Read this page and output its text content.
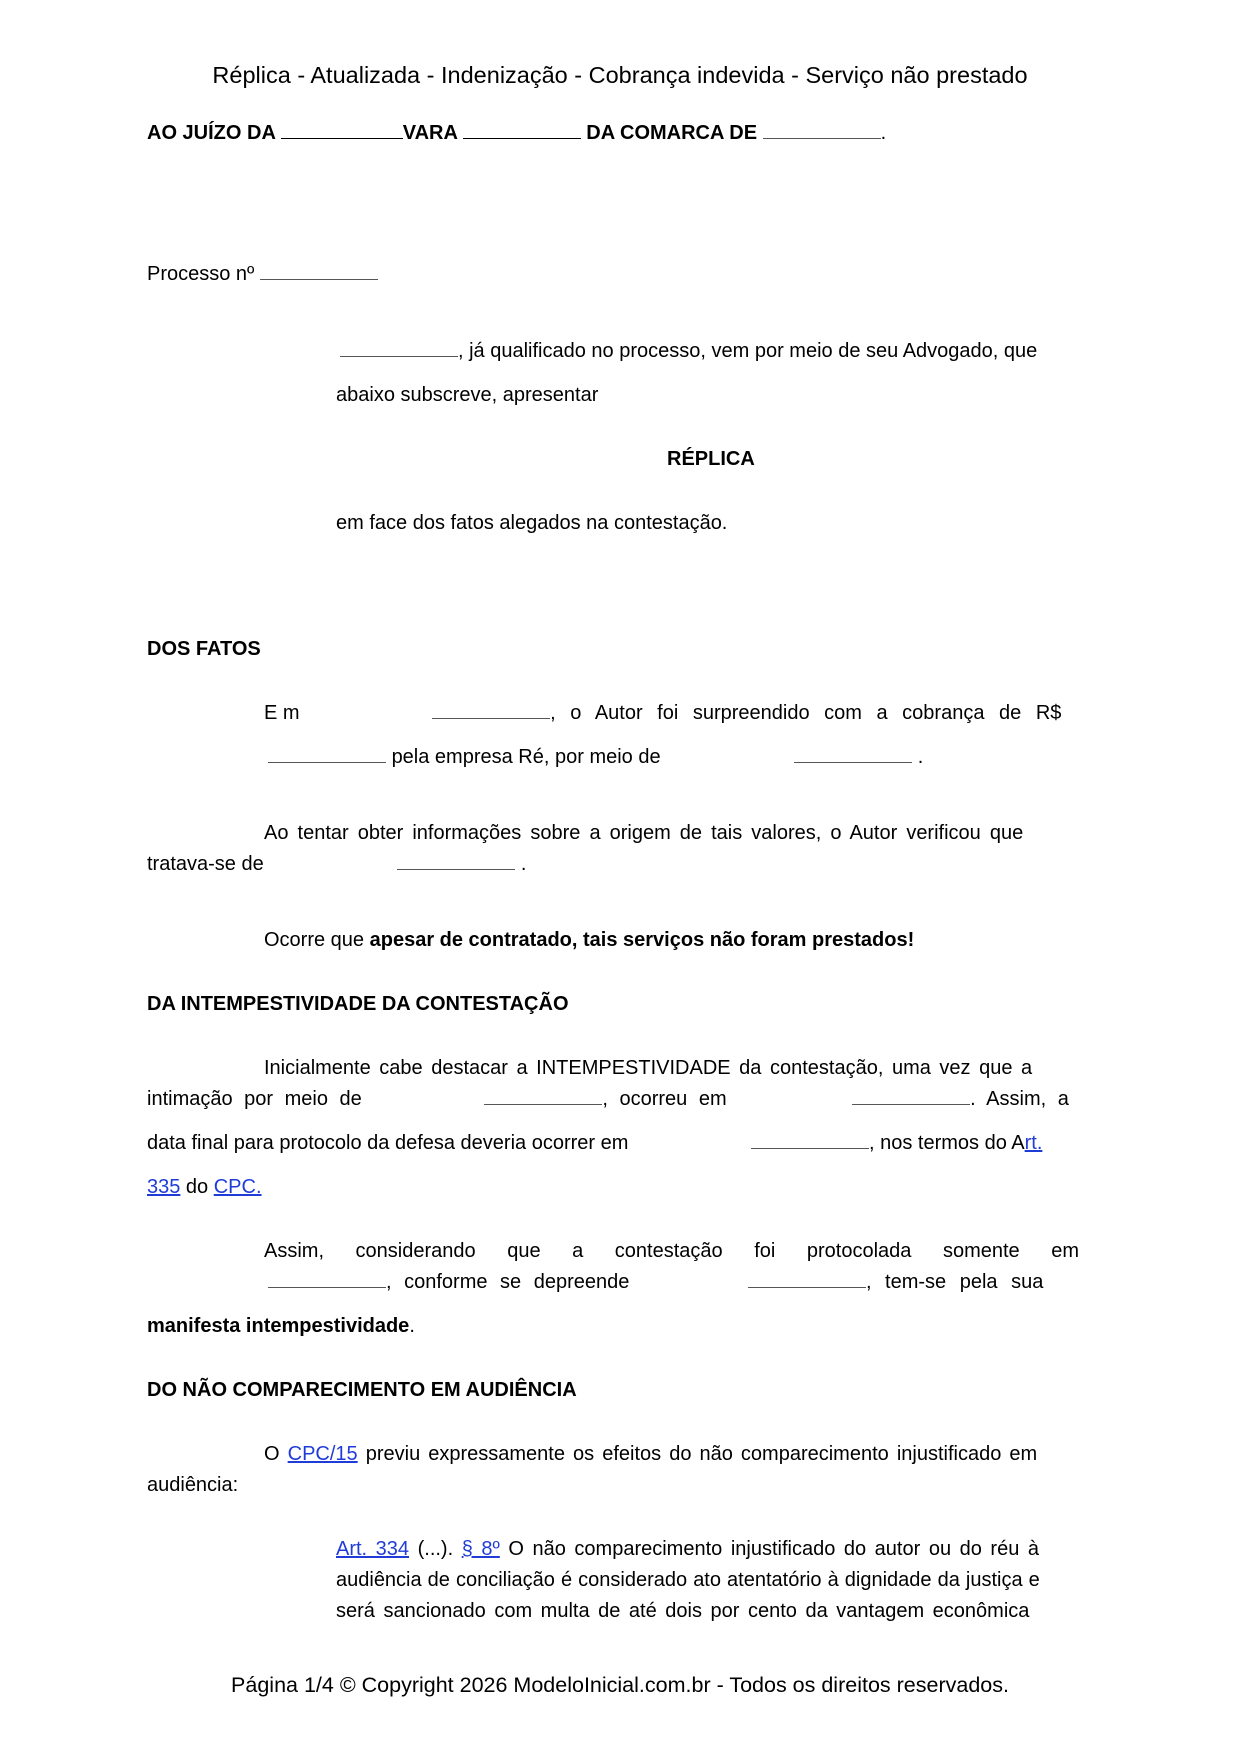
Réplica - Atualizada - Indenização - Cobrança indevida - Serviço não prestado
AO JUÍZO DA	VARA	DA COMARCA DE	.
Processo nº
, já qualificado no processo, vem por meio de seu Advogado, que
abaixo subscreve, apresentar
RÉPLICA
em face dos fatos alegados na contestação.
DOS FATOS
E m	, o Autor foi surpreendido com a cobrança de R$
pela empresa Ré, por meio de	.
Ao tentar obter informações sobre a origem de tais valores, o Autor verificou que
tratava-se de	.
Ocorre que apesar de contratado, tais serviços não foram prestados!
DA INTEMPESTIVIDADE DA CONTESTAÇÃO
Inicialmente cabe destacar a INTEMPESTIVIDADE da contestação, uma vez que a
intimação por meio de	, ocorreu em	. Assim, a
data final para protocolo da defesa deveria ocorrer em	, nos termos do Art.
335 do CPC.
Assim, considerando que a contestação foi protocolada somente em
, conforme se depreende	, tem-se pela sua
manifesta intempestividade.
DO NÃO COMPARECIMENTO EM AUDIÊNCIA
O CPC/15 previu expressamente os efeitos do não comparecimento injustificado em
audiência:
Art. 334 (...). § 8º O não comparecimento injustificado do autor ou do réu à
audiência de conciliação é considerado ato atentatório à dignidade da justiça e
será sancionado com multa de até dois por cento da vantagem econômica
Página 1/4 © Copyright 2026 ModeloInicial.com.br - Todos os direitos reservados.
